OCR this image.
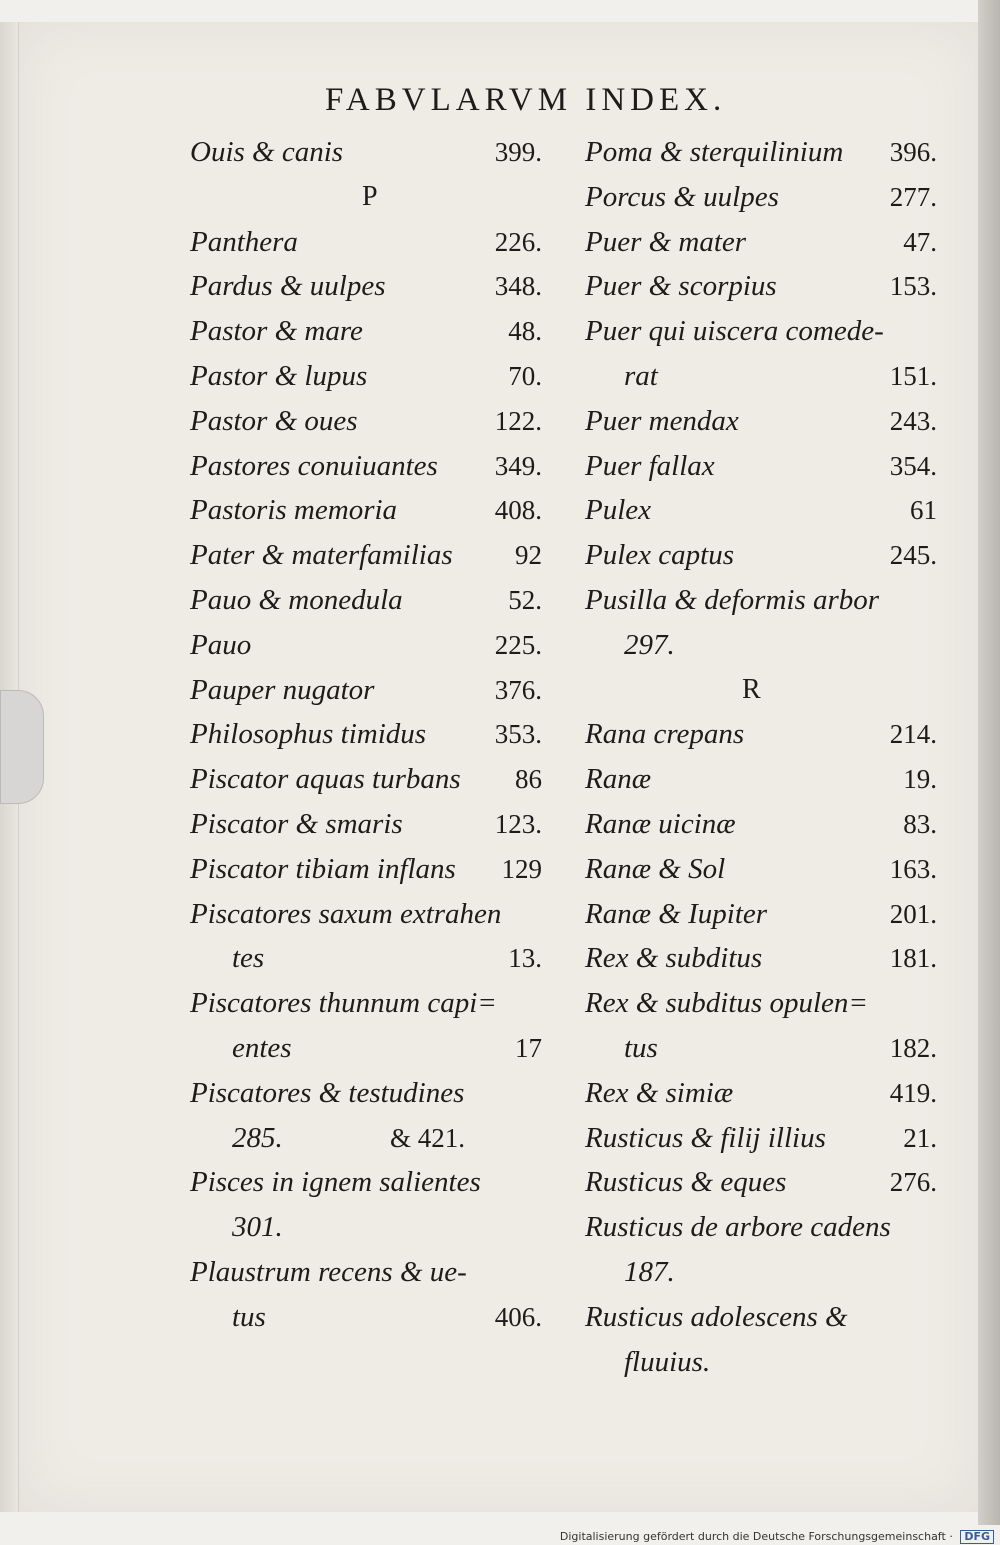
FABVLARVM INDEX.
Ouis & canis	399.
P
Panthera	226.
Pardus & uulpes	348.
Pastor & mare	48.
Pastor & lupus	70.
Pastor & oues	122.
Pastores conuiuantes 349.
Pastoris memoria	408.
Pater & materfamilias 92
Pauo & monedula	52.
Pauo	225.
Pauper nugator	376.
Philosophus timidus	353.
Piscator aquas turbans 86
Piscator & smaris	123.
Piscator tibiam inflans 129
Piscatores saxum extrahen
tes	13.
Piscatores thunnum capi=
entes	17
Piscatores & testudines
285.	& 421.
Pisces in ignem salientes
301.
Plaustrum recens & ue-
tus	406.
Poma & sterquilinium 396.
Porcus & uulpes	277.
Puer & mater	47.
Puer & scorpius	153.
Puer qui uiscera comede-
rat	151.
Puer mendax	243.
Puer fallax	354.
Pulex	61
Pulex captus	245.
Pusilla & deformis arbor
297.
R
Rana crepans	214.
Ranæ	19.
Ranæ uicinæ	83.
Ranæ & Sol	163.
Ranæ & Iupiter	201.
Rex & subditus	181.
Rex & subditus opulen=
tus	182.
Rex & simiæ	419.
Rusticus & filij illius	21.
Rusticus & eques	276.
Rusticus de arbore cadens
187.
Rusticus adolescens &
fluuius.
Digitalisierung gefördert durch die Deutsche Forschungsgemeinschaft · DFG
